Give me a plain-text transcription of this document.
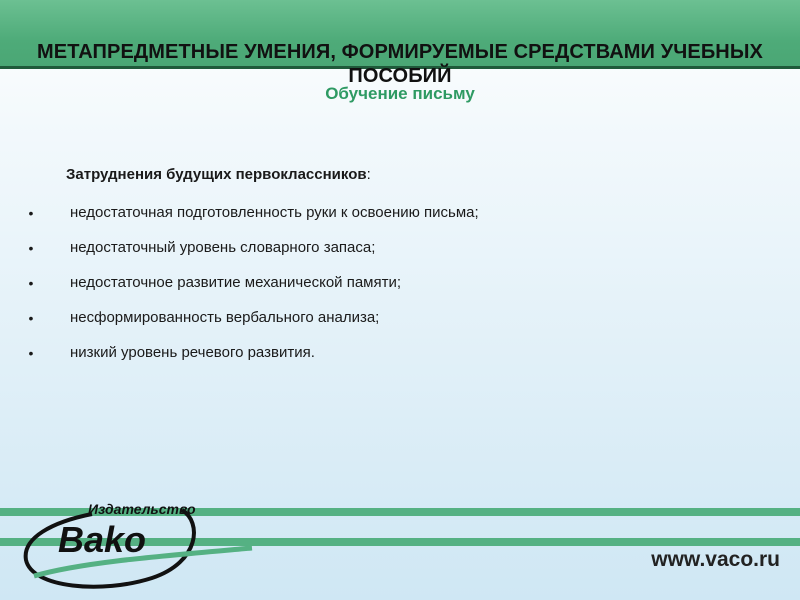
МЕТАПРЕДМЕТНЫЕ УМЕНИЯ, ФОРМИРУЕМЫЕ СРЕДСТВАМИ УЧЕБНЫХ ПОСОБИЙ
Обучение письму
Затруднения будущих первоклассников:
• недостаточная подготовленность руки к освоению письма;
• недостаточный уровень словарного запаса;
• недостаточное развитие механической памяти;
• несформированность вербального анализа;
• низкий уровень речевого развития.
Издательство
Bako	www.vaco.ru
